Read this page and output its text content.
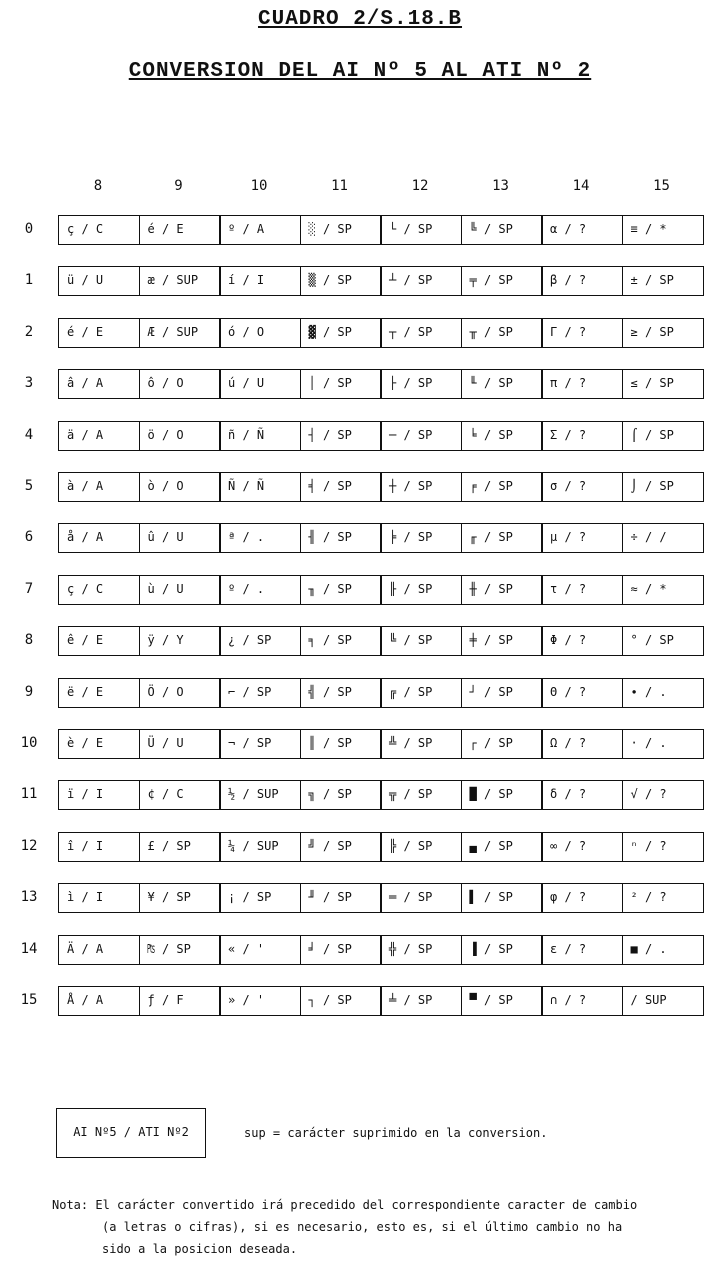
CUADRO 2/S.18.B
CONVERSION DEL AI Nº 5 AL ATI Nº 2
8	9	10	11	12	13	14	15
0	ç / C	é / E	º / A	░ / SP	└ / SP	╚ / SP	α / ?	≡ / *
1	ü / U	æ / SUP	í / I	▒ / SP	┴ / SP	╤ / SP	β / ?	± / SP
2	é / E	Æ / SUP	ó / O	▓ / SP	┬ / SP	╥ / SP	Γ / ?	≥ / SP
3	â / A	ô / O	ú / U	│ / SP	├ / SP	╙ / SP	π / ?	≤ / SP
4	ä / A	ö / O	ñ / Ñ	┤ / SP	─ / SP	╘ / SP	Σ / ?	⌠ / SP
5	à / A	ò / O	Ñ / Ñ	╡ / SP	┼ / SP	╒ / SP	σ / ?	⌡ / SP
6	å / A	û / U	ª / .	╢ / SP	╞ / SP	╓ / SP	µ / ?	÷ / /
7	ç / C	ù / U	º / .	╖ / SP	╟ / SP	╫ / SP	τ / ?	≈ / *
8	ê / E	ÿ / Y	¿ / SP	╕ / SP	╚ / SP	╪ / SP	Φ / ?	° / SP
9	ë / E	Ö / O	⌐ / SP	╣ / SP	╔ / SP	┘ / SP	Θ / ?	∙ / .
10	è / E	Ü / U	¬ / SP	║ / SP	╩ / SP	┌ / SP	Ω / ?	· / .
11	ï / I	¢ / C	½ / SUP	╗ / SP	╦ / SP	█ / SP	δ / ?	√ / ?
12	î / I	£ / SP	¼ / SUP	╝ / SP	╠ / SP	▄ / SP	∞ / ?	ⁿ / ?
13	ì / I	¥ / SP	¡ / SP	╜ / SP	═ / SP	▌ / SP	φ / ?	² / ?
14	Ä / A	₧ / SP	« / '	╛ / SP	╬ / SP	▐ / SP	ε / ?	■ / .
15	Å / A	ƒ / F	» / '	┐ / SP	╧ / SP	▀ / SP	∩ / ?	/ SUP
AI Nº5 / ATI Nº2	sup = carácter suprimido en la conversion.
Nota: El carácter convertido irá precedido del correspondiente caracter de cambio
(a letras o cifras), si es necesario, esto es, si el último cambio no ha
sido a la posicion deseada.
